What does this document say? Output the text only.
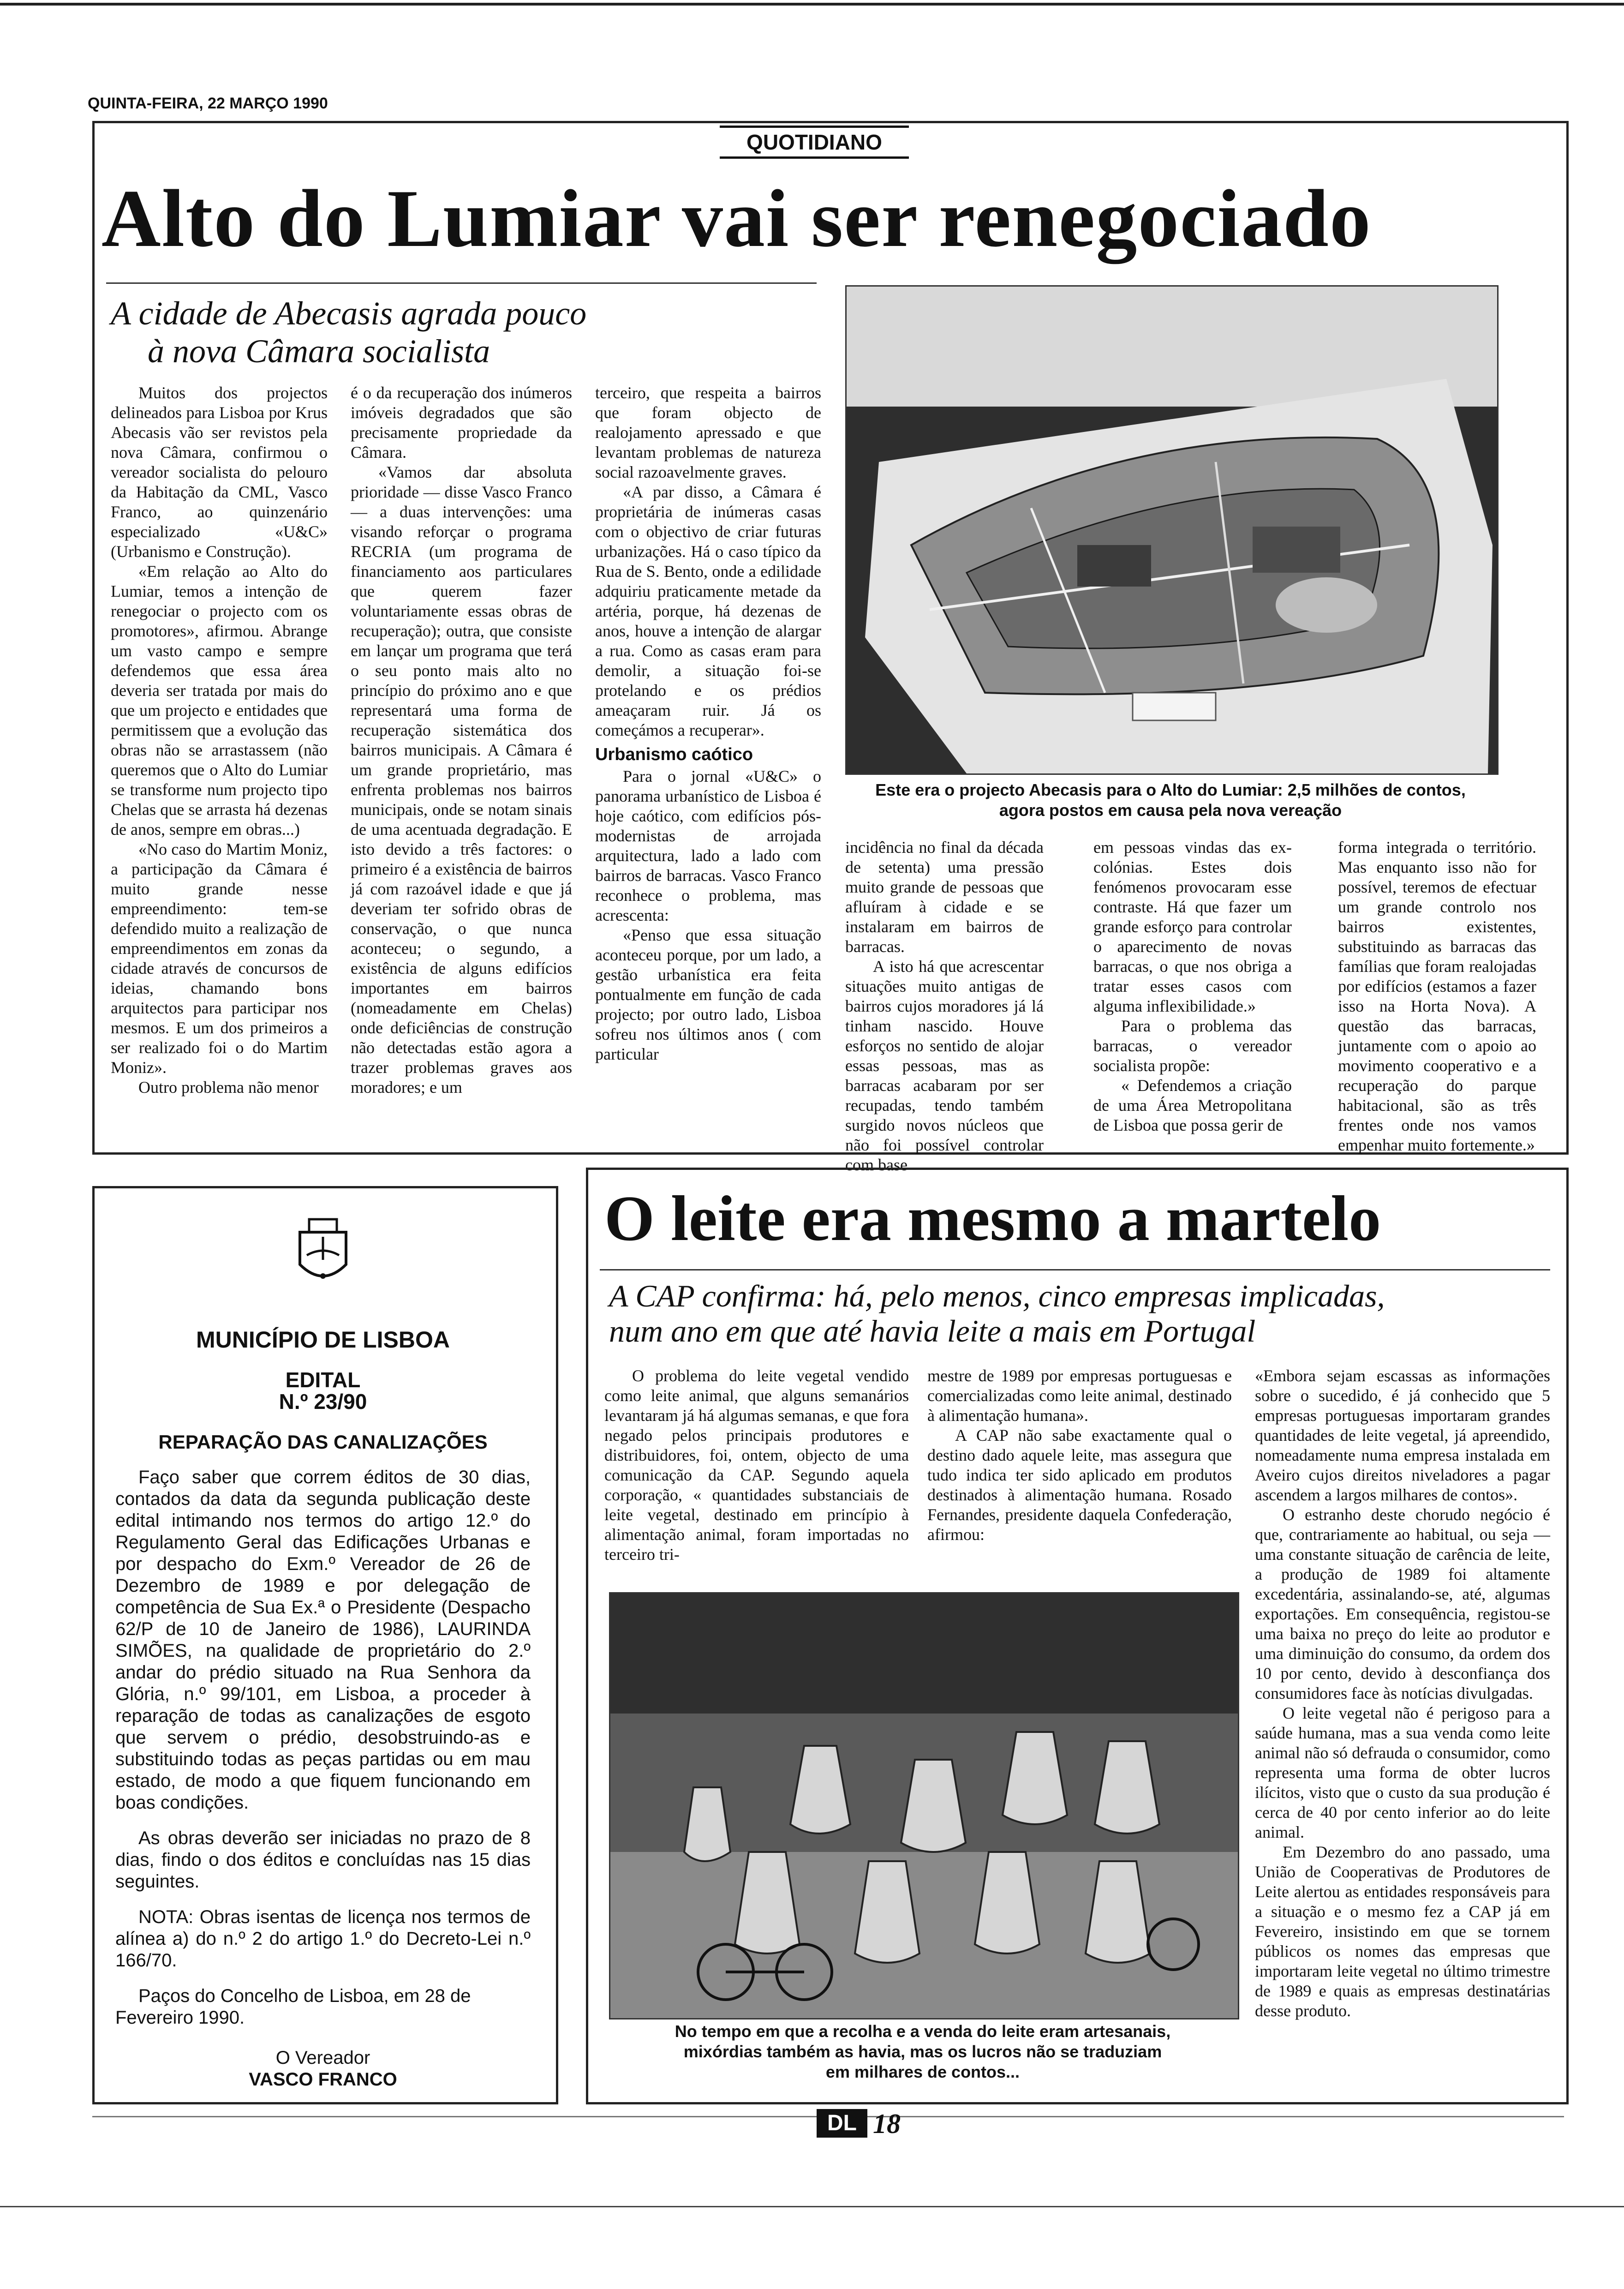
QUINTA-FEIRA, 22 MARÇO 1990
QUOTIDIANO
Alto do Lumiar vai ser renegociado
A cidade de Abecasis agrada pouco
à nova Câmara socialista
Este era o projecto Abecasis para o Alto do Lumiar: 2,5 milhões de contos,
agora postos em causa pela nova vereação

Muitos dos projectos delineados para Lisboa por Krus Abecasis vão ser revistos pela nova Câmara, confirmou o vereador socialista do pelouro da Habitação da CML, Vasco Franco, ao quinzenário especializado «U&C» (Urbanismo e Construção).

«Em relação ao Alto do Lumiar, temos a intenção de renegociar o projecto com os promotores», afirmou. Abrange um vasto campo e sempre defendemos que essa área deveria ser tratada por mais do que um projecto e entidades que permitissem que a evolução das obras não se arrastassem (não queremos que o Alto do Lumiar se transforme num projecto tipo Chelas que se arrasta há dezenas de anos, sempre em obras...)

«No caso do Martim Moniz, a participação da Câmara é muito grande nesse empreendimento: tem-se defendido muito a realização de empreendimentos em zonas da cidade através de concursos de ideias, chamando bons arquitectos para participar nos mesmos. E um dos primeiros a ser realizado foi o do Martim Moniz».

Outro problema não menor

é o da recuperação dos inúmeros imóveis degradados que são precisamente propriedade da Câmara.

«Vamos dar absoluta prioridade — disse Vasco Franco — a duas intervenções: uma visando reforçar o programa RECRIA (um programa de financiamento aos particulares que querem fazer voluntariamente essas obras de recuperação); outra, que consiste em lançar um programa que terá o seu ponto mais alto no princípio do próximo ano e que representará uma forma de recuperação sistemática dos bairros municipais. A Câmara é um grande proprietário, mas enfrenta problemas nos bairros municipais, onde se notam sinais de uma acentuada degradação. E isto devido a três factores: o primeiro é a existência de bairros já com razoável idade e que já deveriam ter sofrido obras de conservação, o que nunca aconteceu; o segundo, a existência de alguns edifícios importantes em bairros (nomeadamente em Chelas) onde deficiências de construção não detectadas estão agora a trazer problemas graves aos moradores; e um

terceiro, que respeita a bairros que foram objecto de realojamento apressado e que levantam problemas de natureza social razoavelmente graves.

«A par disso, a Câmara é proprietária de inúmeras casas com o objectivo de criar futuras urbanizações. Há o caso típico da Rua de S. Bento, onde a edilidade adquiriu praticamente metade da artéria, porque, há dezenas de anos, houve a intenção de alargar a rua. Como as casas eram para demolir, a situação foi-se protelando e os prédios ameaçaram ruir. Já os começámos a recuperar».

Urbanismo caótico

Para o jornal «U&C» o panorama urbanístico de Lisboa é hoje caótico, com edifícios pós-modernistas de arrojada arquitectura, lado a lado com bairros de barracas. Vasco Franco reconhece o problema, mas acrescenta:

«Penso que essa situação aconteceu porque, por um lado, a gestão urbanística era feita pontualmente em função de cada projecto; por outro lado, Lisboa sofreu nos últimos anos ( com particular

incidência no final da década de setenta) uma pressão muito grande de pessoas que afluíram à cidade e se instalaram em bairros de barracas.

A isto há que acrescentar situações muito antigas de bairros cujos moradores já lá tinham nascido. Houve esforços no sentido de alojar essas pessoas, mas as barracas acabaram por ser recupadas, tendo também surgido novos núcleos que não foi possível controlar com base

em pessoas vindas das ex-colónias. Estes dois fenómenos provocaram esse contraste. Há que fazer um grande esforço para controlar o aparecimento de novas barracas, o que nos obriga a tratar esses casos com alguma inflexibilidade.»

Para o problema das barracas, o vereador socialista propõe:

« Defendemos a criação de uma Área Metropolitana de Lisboa que possa gerir de

forma integrada o território. Mas enquanto isso não for possível, teremos de efectuar um grande controlo nos bairros existentes, substituindo as barracas das famílias que foram realojadas por edifícios (estamos a fazer isso na Horta Nova). A questão das barracas, juntamente com o apoio ao movimento cooperativo e a recuperação do parque habitacional, são as três frentes onde nos vamos empenhar muito fortemente.»

MUNICÍPIO DE LISBOA
EDITAL
N.º 23/90
REPARAÇÃO DAS CANALIZAÇÕES

Faço saber que correm éditos de 30 dias, contados da data da segunda publicação deste edital intimando nos termos do artigo 12.º do Regulamento Geral das Edificações Urbanas e por despacho do Exm.º Vereador de 26 de Dezembro de 1989 e por delegação de competência de Sua Ex.ª o Presidente (Despacho 62/P de 10 de Janeiro de 1986), LAURINDA SIMÕES, na qualidade de proprietário do 2.º andar do prédio situado na Rua Senhora da Glória, n.º 99/101, em Lisboa, a proceder à reparação de todas as canalizações de esgoto que servem o prédio, desobstruindo-as e substituindo todas as peças partidas ou em mau estado, de modo a que fiquem funcionando em boas condições.

As obras deverão ser iniciadas no prazo de 8 dias, findo o dos éditos e concluídas nas 15 dias seguintes.

NOTA: Obras isentas de licença nos termos de alínea a) do n.º 2 do artigo 1.º do Decreto-Lei n.º 166/70.

Paços do Concelho de Lisboa, em 28 de Fevereiro 1990.

O Vereador
VASCO FRANCO
O leite era mesmo a martelo
A CAP confirma: há, pelo menos, cinco empresas implicadas,
num ano em que até havia leite a mais em Portugal

O problema do leite vegetal vendido como leite animal, que alguns semanários levantaram já há algumas semanas, e que fora negado pelos principais produtores e distribuidores, foi, ontem, objecto de uma comunicação da CAP. Segundo aquela corporação, « quantidades substanciais de leite vegetal, destinado em princípio à alimentação animal, foram importadas no terceiro tri-

mestre de 1989 por empresas portuguesas e comercializadas como leite animal, destinado à alimentação humana».

A CAP não sabe exactamente qual o destino dado aquele leite, mas assegura que tudo indica ter sido aplicado em produtos destinados à alimentação humana. Rosado Fernandes, presidente daquela Confederação, afirmou:

«Embora sejam escassas as informações sobre o sucedido, é já conhecido que 5 empresas portuguesas importaram grandes quantidades de leite vegetal, já apreendido, nomeadamente numa empresa instalada em Aveiro cujos direitos niveladores a pagar ascendem a largos milhares de contos».

O estranho deste chorudo negócio é que, contrariamente ao habitual, ou seja — uma constante situação de carência de leite, a produção de 1989 foi altamente excedentária, assinalando-se, até, algumas exportações. Em consequência, registou-se uma baixa no preço do leite ao produtor e uma diminuição do consumo, da ordem dos 10 por cento, devido à desconfiança dos consumidores face às notícias divulgadas.

O leite vegetal não é perigoso para a saúde humana, mas a sua venda como leite animal não só defrauda o consumidor, como representa uma forma de obter lucros ilícitos, visto que o custo da sua produção é cerca de 40 por cento inferior ao do leite animal.

Em Dezembro do ano passado, uma União de Cooperativas de Produtores de Leite alertou as entidades responsáveis para a situação e o mesmo fez a CAP já em Fevereiro, insistindo em que se tornem públicos os nomes das empresas que importaram leite vegetal no último trimestre de 1989 e quais as empresas destinatárias desse produto.

No tempo em que a recolha e a venda do leite eram artesanais,
mixórdias também as havia, mas os lucros não se traduziam
em milhares de contos...
DL 18
